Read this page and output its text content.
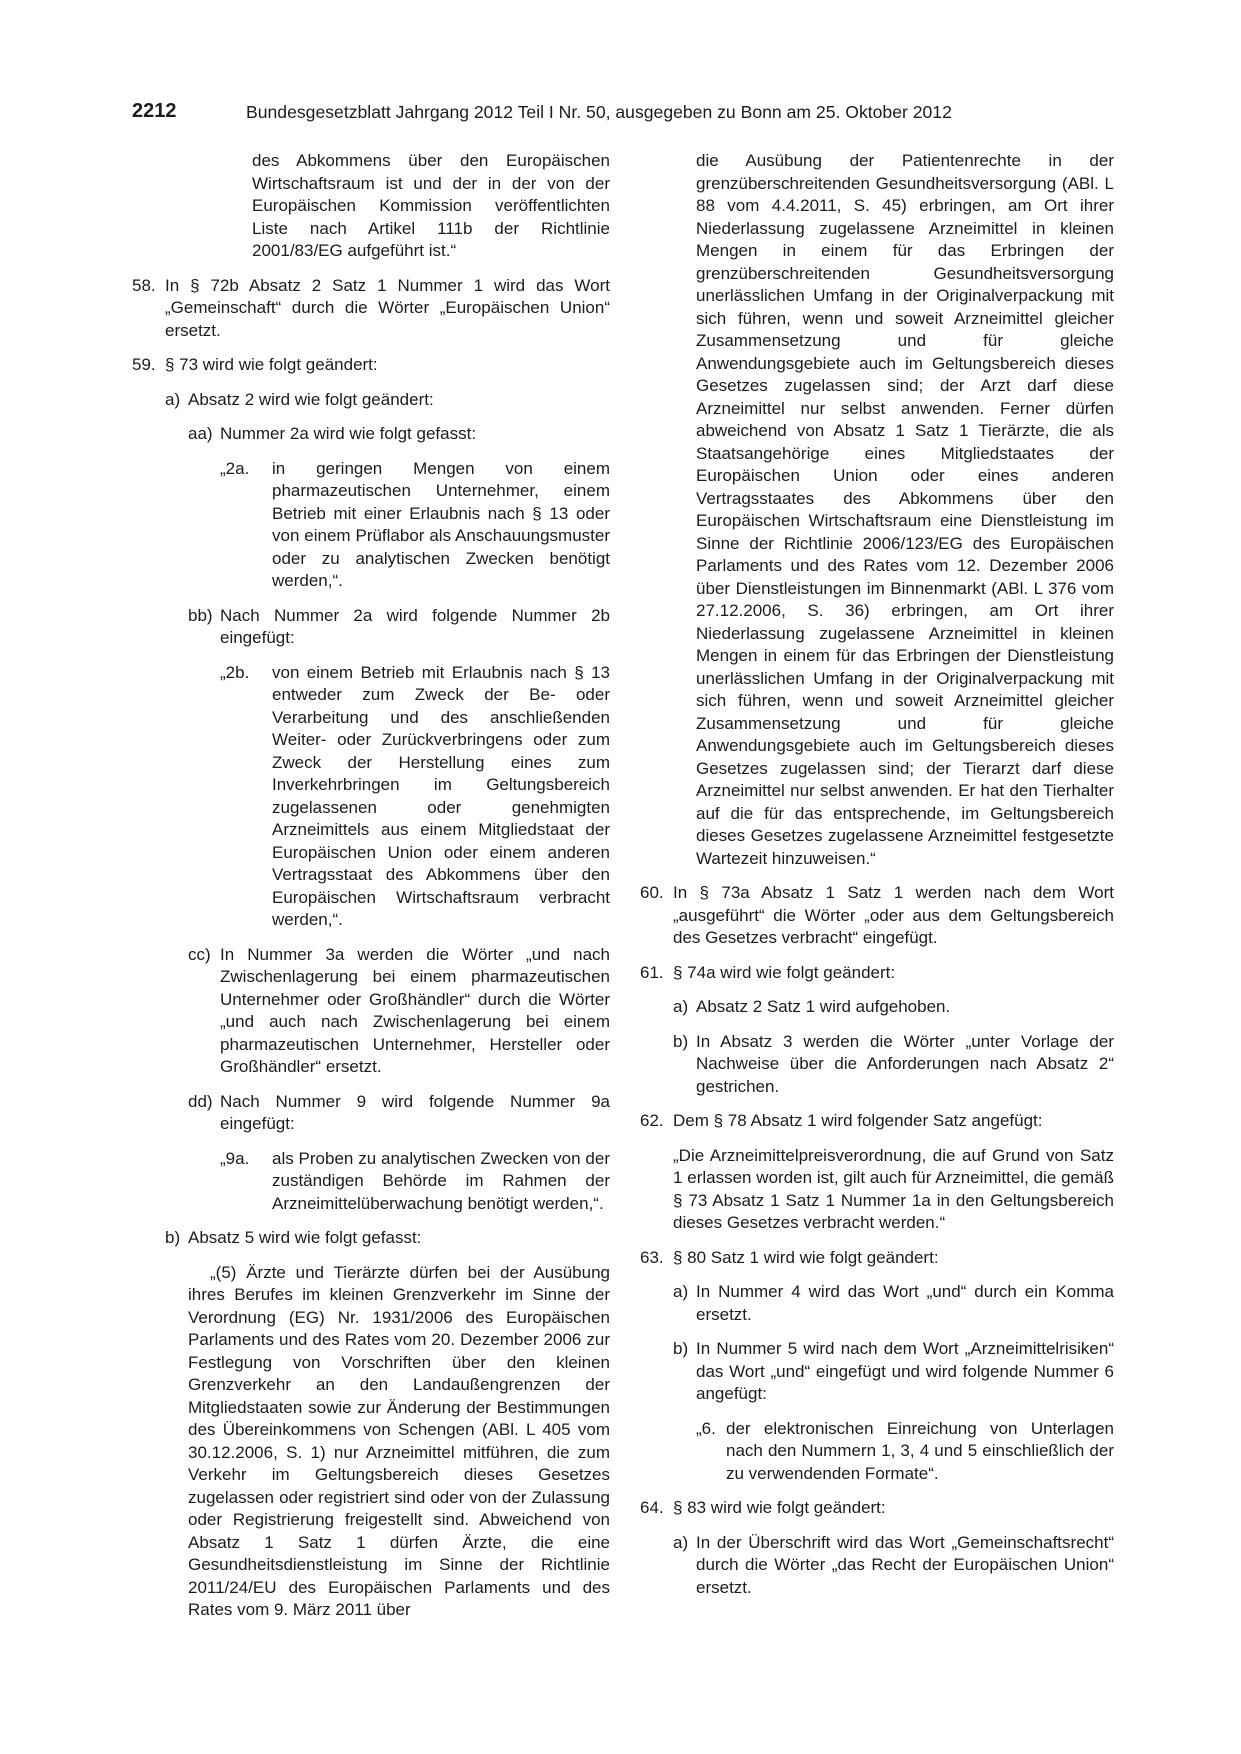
2212	Bundesgesetzblatt Jahrgang 2012 Teil I Nr. 50, ausgegeben zu Bonn am 25. Oktober 2012
des Abkommens über den Europäischen Wirtschaftsraum ist und der in der von der Europäischen Kommission veröffentlichten Liste nach Artikel 111b der Richtlinie 2001/83/EG aufgeführt ist.“
58. In § 72b Absatz 2 Satz 1 Nummer 1 wird das Wort „Gemeinschaft“ durch die Wörter „Europäischen Union“ ersetzt.
59. § 73 wird wie folgt geändert:
a) Absatz 2 wird wie folgt geändert:
aa) Nummer 2a wird wie folgt gefasst:
„2a.	in geringen Mengen von einem pharmazeutischen Unternehmer, einem Betrieb mit einer Erlaubnis nach § 13 oder von einem Prüflabor als Anschauungsmuster oder zu analytischen Zwecken benötigt werden,“.
bb) Nach Nummer 2a wird folgende Nummer 2b eingefügt:
„2b.	von einem Betrieb mit Erlaubnis nach § 13 entweder zum Zweck der Be- oder Verarbeitung und des anschließenden Weiter- oder Zurückverbringens oder zum Zweck der Herstellung eines zum Inverkehrbringen im Geltungsbereich zugelassenen oder genehmigten Arzneimittels aus einem Mitgliedstaat der Europäischen Union oder einem anderen Vertragsstaat des Abkommens über den Europäischen Wirtschaftsraum verbracht werden,“.
cc) In Nummer 3a werden die Wörter „und nach Zwischenlagerung bei einem pharmazeutischen Unternehmer oder Großhändler“ durch die Wörter „und auch nach Zwischenlagerung bei einem pharmazeutischen Unternehmer, Hersteller oder Großhändler“ ersetzt.
dd) Nach Nummer 9 wird folgende Nummer 9a eingefügt:
„9a.	als Proben zu analytischen Zwecken von der zuständigen Behörde im Rahmen der Arzneimittelüberwachung benötigt werden,“.
b) Absatz 5 wird wie folgt gefasst:
„(5) Ärzte und Tierärzte dürfen bei der Ausübung ihres Berufes im kleinen Grenzverkehr im Sinne der Verordnung (EG) Nr. 1931/2006 des Europäischen Parlaments und des Rates vom 20. Dezember 2006 zur Festlegung von Vorschriften über den kleinen Grenzverkehr an den Landaußengrenzen der Mitgliedstaaten sowie zur Änderung der Bestimmungen des Übereinkommens von Schengen (ABl. L 405 vom 30.12.2006, S. 1) nur Arzneimittel mitführen, die zum Verkehr im Geltungsbereich dieses Gesetzes zugelassen oder registriert sind oder von der Zulassung oder Registrierung freigestellt sind. Abweichend von Absatz 1 Satz 1 dürfen Ärzte, die eine Gesundheitsdienstleistung im Sinne der Richtlinie 2011/24/EU des Europäischen Parlaments und des Rates vom 9. März 2011 über
die Ausübung der Patientenrechte in der grenzüberschreitenden Gesundheitsversorgung (ABl. L 88 vom 4.4.2011, S. 45) erbringen, am Ort ihrer Niederlassung zugelassene Arzneimittel in kleinen Mengen in einem für das Erbringen der grenzüberschreitenden Gesundheitsversorgung unerlässlichen Umfang in der Originalverpackung mit sich führen, wenn und soweit Arzneimittel gleicher Zusammensetzung und für gleiche Anwendungsgebiete auch im Geltungsbereich dieses Gesetzes zugelassen sind; der Arzt darf diese Arzneimittel nur selbst anwenden. Ferner dürfen abweichend von Absatz 1 Satz 1 Tierärzte, die als Staatsangehörige eines Mitgliedstaates der Europäischen Union oder eines anderen Vertragsstaates des Abkommens über den Europäischen Wirtschaftsraum eine Dienstleistung im Sinne der Richtlinie 2006/123/EG des Europäischen Parlaments und des Rates vom 12. Dezember 2006 über Dienstleistungen im Binnenmarkt (ABl. L 376 vom 27.12.2006, S. 36) erbringen, am Ort ihrer Niederlassung zugelassene Arzneimittel in kleinen Mengen in einem für das Erbringen der Dienstleistung unerlässlichen Umfang in der Originalverpackung mit sich führen, wenn und soweit Arzneimittel gleicher Zusammensetzung und für gleiche Anwendungsgebiete auch im Geltungsbereich dieses Gesetzes zugelassen sind; der Tierarzt darf diese Arzneimittel nur selbst anwenden. Er hat den Tierhalter auf die für das entsprechende, im Geltungsbereich dieses Gesetzes zugelassene Arzneimittel festgesetzte Wartezeit hinzuweisen.“
60. In § 73a Absatz 1 Satz 1 werden nach dem Wort „ausgeführt“ die Wörter „oder aus dem Geltungsbereich des Gesetzes verbracht“ eingefügt.
61. § 74a wird wie folgt geändert:
a) Absatz 2 Satz 1 wird aufgehoben.
b) In Absatz 3 werden die Wörter „unter Vorlage der Nachweise über die Anforderungen nach Absatz 2“ gestrichen.
62. Dem § 78 Absatz 1 wird folgender Satz angefügt:
„Die Arzneimittelpreisverordnung, die auf Grund von Satz 1 erlassen worden ist, gilt auch für Arzneimittel, die gemäß § 73 Absatz 1 Satz 1 Nummer 1a in den Geltungsbereich dieses Gesetzes verbracht werden.“
63. § 80 Satz 1 wird wie folgt geändert:
a) In Nummer 4 wird das Wort „und“ durch ein Komma ersetzt.
b) In Nummer 5 wird nach dem Wort „Arzneimittelrisiken“ das Wort „und“ eingefügt und wird folgende Nummer 6 angefügt:
„6. der elektronischen Einreichung von Unterlagen nach den Nummern 1, 3, 4 und 5 einschließlich der zu verwendenden Formate“.
64. § 83 wird wie folgt geändert:
a) In der Überschrift wird das Wort „Gemeinschaftsrecht“ durch die Wörter „das Recht der Europäischen Union“ ersetzt.
